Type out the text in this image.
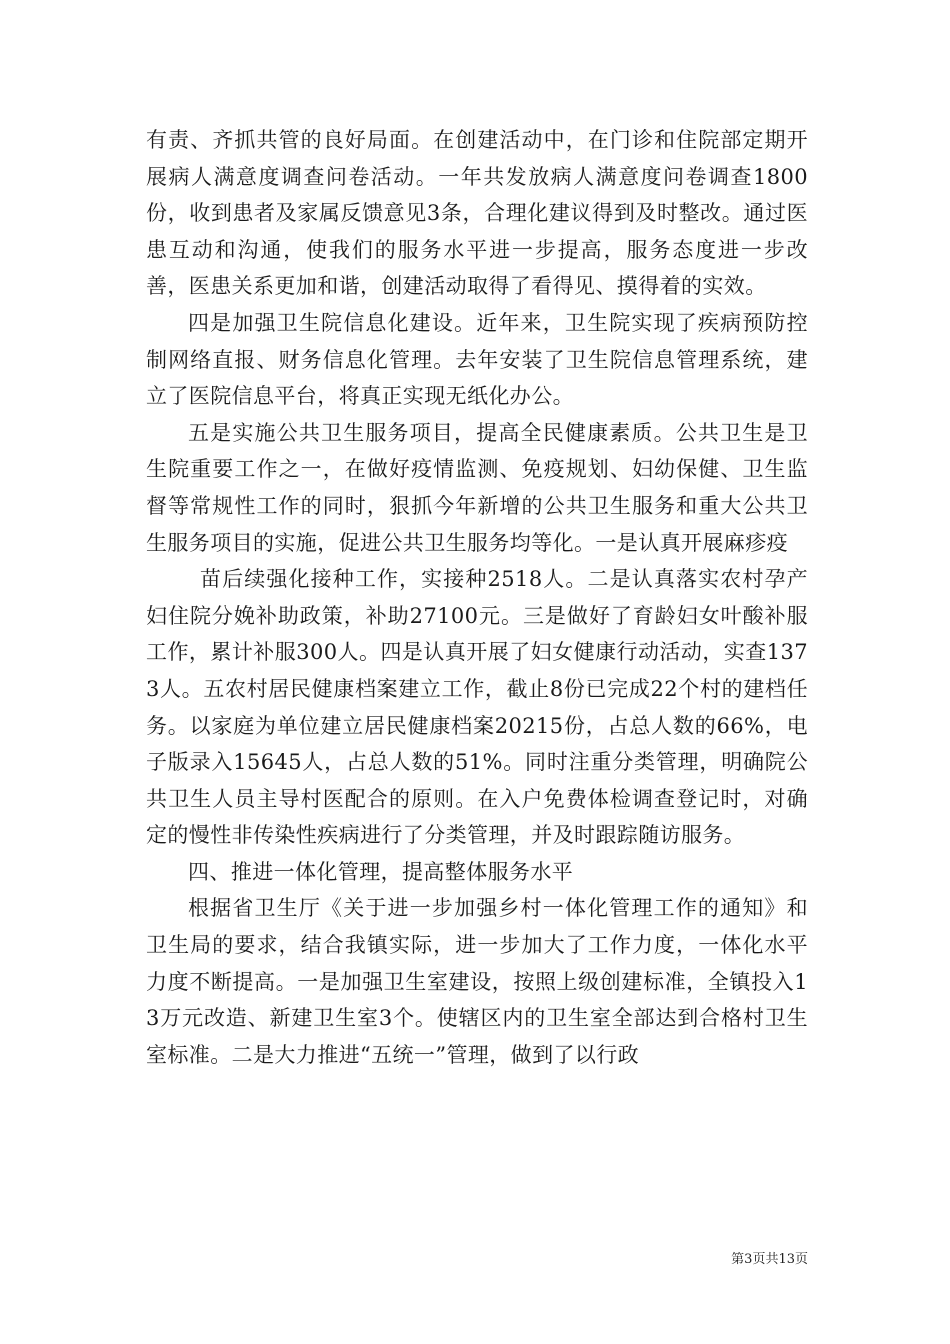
有责、齐抓共管的良好局面。在创建活动中，在门诊和住院部定期开展病人满意度调查问卷活动。一年共发放病人满意度问卷调查1800份，收到患者及家属反馈意见3条，合理化建议得到及时整改。通过医患互动和沟通，使我们的服务水平进一步提高，服务态度进一步改善，医患关系更加和谐，创建活动取得了看得见、摸得着的实效。

四是加强卫生院信息化建设。近年来，卫生院实现了疾病预防控制网络直报、财务信息化管理。去年安装了卫生院信息管理系统，建立了医院信息平台，将真正实现无纸化办公。

五是实施公共卫生服务项目，提高全民健康素质。公共卫生是卫生院重要工作之一，在做好疫情监测、免疫规划、妇幼保健、卫生监督等常规性工作的同时，狠抓今年新增的公共卫生服务和重大公共卫生服务项目的实施，促进公共卫生服务均等化。一是认真开展麻疹疫

苗后续强化接种工作，实接种2518人。二是认真落实农村孕产妇住院分娩补助政策，补助27100元。三是做好了育龄妇女叶酸补服工作，累计补服300人。四是认真开展了妇女健康行动活动，实查1373人。五农村居民健康档案建立工作，截止8份已完成22个村的建档任务。以家庭为单位建立居民健康档案20215份，占总人数的66%，电子版录入15645人，占总人数的51%。同时注重分类管理，明确院公共卫生人员主导村医配合的原则。在入户免费体检调查登记时，对确定的慢性非传染性疾病进行了分类管理，并及时跟踪随访服务。

四、推进一体化管理，提高整体服务水平

根据省卫生厅《关于进一步加强乡村一体化管理工作的通知》和卫生局的要求，结合我镇实际，进一步加大了工作力度，一体化水平力度不断提高。一是加强卫生室建设，按照上级创建标准，全镇投入13万元改造、新建卫生室3个。使辖区内的卫生室全部达到合格村卫生室标准。二是大力推进“五统一”管理，做到了以行政

第3页共13页
